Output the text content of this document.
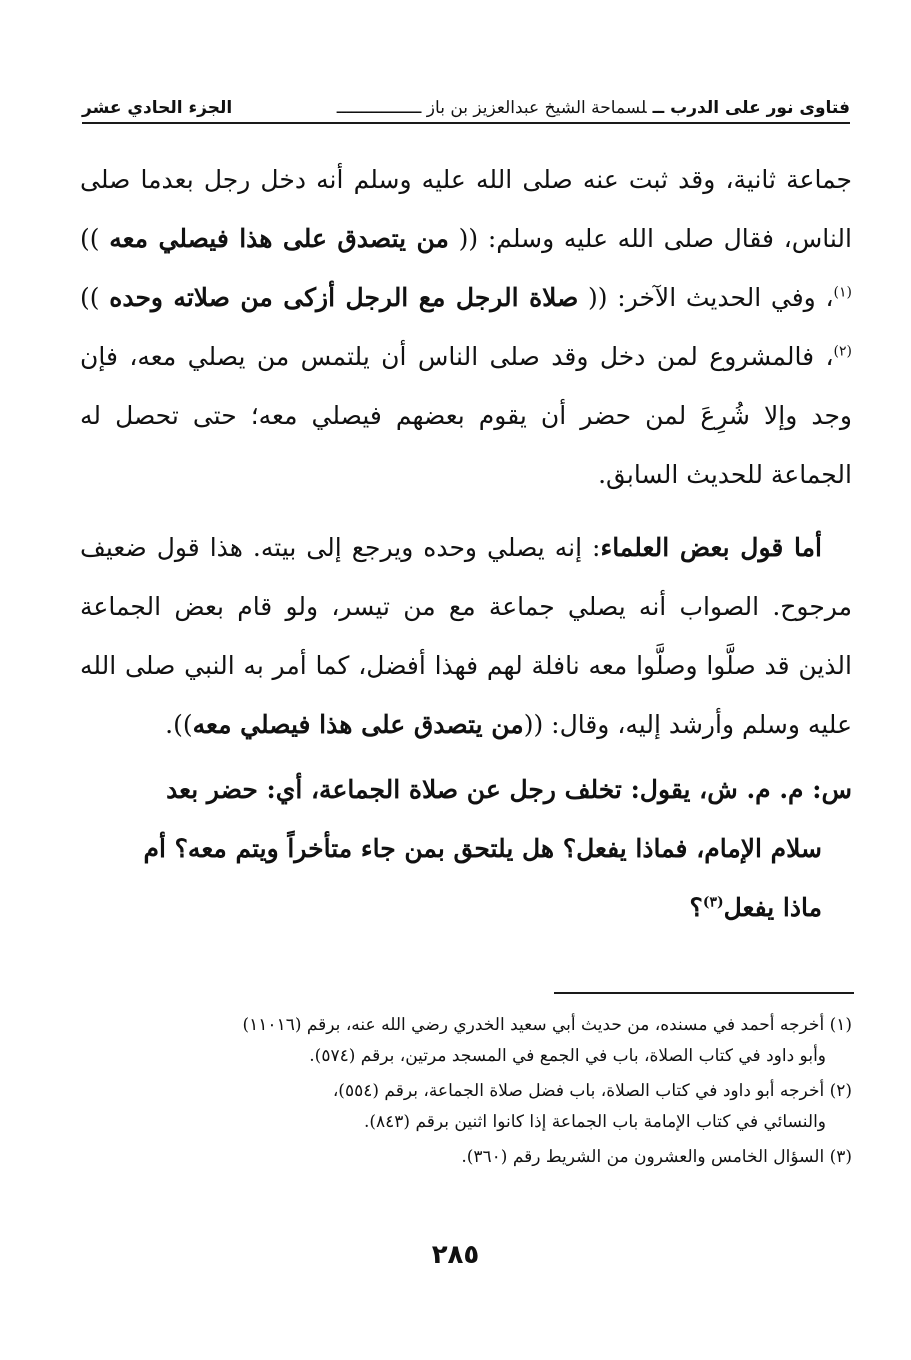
فتاوى نور على الدرب ــلسماحة الشيخ عبدالعزيز بن باز ـــــــــــــــــ
الجزء الحادي عشر

جماعة ثانية، وقد ثبت عنه صلى الله عليه وسلم أنه دخل رجل بعدما صلى الناس، فقال صلى الله عليه وسلم: (( من يتصدق على هذا فيصلي معه ))$^{(١)}$، وفي الحديث الآخر: (( صلاة الرجل مع الرجل أزكى من صلاته وحده ))$^{(٢)}$، فالمشروع لمن دخل وقد صلى الناس أن يلتمس من يصلي معه، فإن وجد وإلا شُرِعَ لمن حضر أن يقوم بعضهم فيصلي معه؛ حتى تحصل له الجماعة للحديث السابق.

أما قول بعض العلماء: إنه يصلي وحده ويرجع إلى بيته. هذا قول ضعيف مرجوح. الصواب أنه يصلي جماعة مع من تيسر، ولو قام بعض الجماعة الذين قد صلَّوا وصلَّوا معه نافلة لهم فهذا أفضل، كما أمر به النبي صلى الله عليه وسلم وأرشد إليه، وقال: ((من يتصدق على هذا فيصلي معه)).

س: م. م. ش، يقول: تخلف رجل عن صلاة الجماعة، أي: حضر بعد
سلام الإمام، فماذا يفعل؟ هل يلتحق بمن جاء متأخراً ويتم معه؟ أم
ماذا يفعل$^{(٣)}$؟

(١) أخرجه أحمد في مسنده، من حديث أبي سعيد الخدري رضي الله عنه، برقم (١١٠١٦)
وأبو داود في كتاب الصلاة، باب في الجمع في المسجد مرتين، برقم (٥٧٤).
(٢) أخرجه أبو داود في كتاب الصلاة، باب فضل صلاة الجماعة، برقم (٥٥٤)،
والنسائي في كتاب الإمامة باب الجماعة إذا كانوا اثنين برقم (٨٤٣).
(٣) السؤال الخامس والعشرون من الشريط رقم (٣٦٠).
٢٨٥
